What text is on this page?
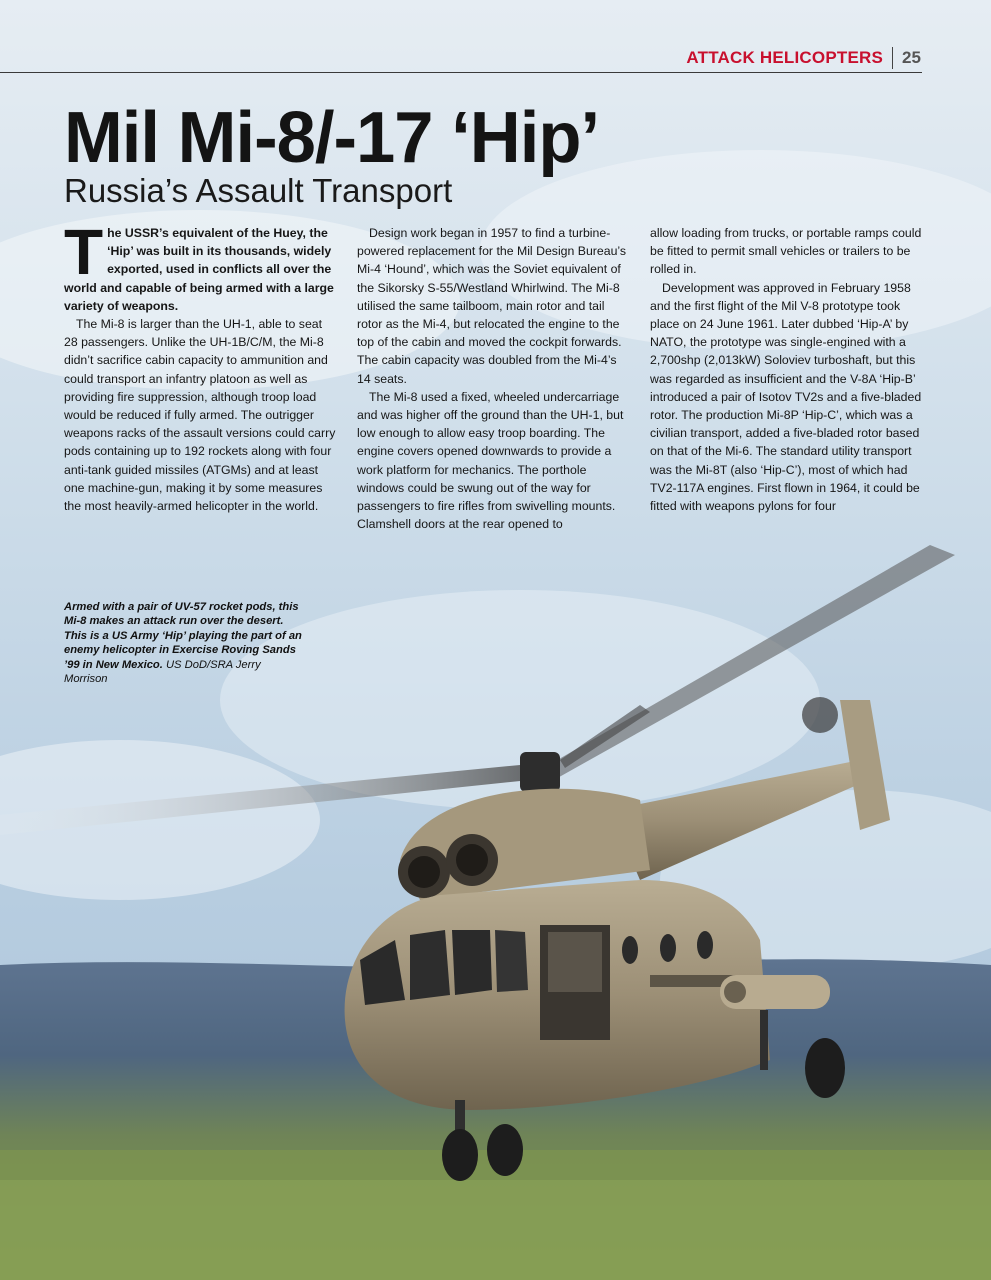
ATTACK HELICOPTERS 25
Mil Mi-8/-17 ‘Hip’
Russia’s Assault Transport

The USSR’s equivalent of the Huey, the ‘Hip’ was built in its thousands, widely exported, used in conflicts all over the world and capable of being armed with a large variety of weapons.

The Mi-8 is larger than the UH-1, able to seat 28 passengers. Unlike the UH-1B/C/M, the Mi-8 didn’t sacrifice cabin capacity to ammunition and could transport an infantry platoon as well as providing fire suppression, although troop load would be reduced if fully armed. The outrigger weapons racks of the assault versions could carry pods containing up to 192 rockets along with four anti-tank guided missiles (ATGMs) and at least one machine-gun, making it by some measures the most heavily-armed helicopter in the world.

Design work began in 1957 to find a turbine-powered replacement for the Mil Design Bureau’s Mi-4 ‘Hound’, which was the Soviet equivalent of the Sikorsky S-55/Westland Whirlwind. The Mi-8 utilised the same tailboom, main rotor and tail rotor as the Mi-4, but relocated the engine to the top of the cabin and moved the cockpit forwards. The cabin capacity was doubled from the Mi-4’s 14 seats.

The Mi-8 used a fixed, wheeled undercarriage and was higher off the ground than the UH-1, but low enough to allow easy troop boarding. The engine covers opened downwards to provide a work platform for mechanics. The porthole windows could be swung out of the way for passengers to fire rifles from swivelling mounts. Clamshell doors at the rear opened to

allow loading from trucks, or portable ramps could be fitted to permit small vehicles or trailers to be rolled in.

Development was approved in February 1958 and the first flight of the Mil V-8 prototype took place on 24 June 1961. Later dubbed ‘Hip-A’ by NATO, the prototype was single-engined with a 2,700shp (2,013kW) Soloviev turboshaft, but this was regarded as insufficient and the V-8A ‘Hip-B’ introduced a pair of Isotov TV2s and a five-bladed rotor. The production Mi-8P ‘Hip-C’, which was a civilian transport, added a five-bladed rotor based on that of the Mi-6. The standard utility transport was the Mi-8T (also ‘Hip-C’), most of which had TV2-117A engines. First flown in 1964, it could be fitted with weapons pylons for four

Armed with a pair of UV-57 rocket pods, this Mi-8 makes an attack run over the desert. This is a US Army ‘Hip’ playing the part of an enemy helicopter in Exercise Roving Sands ’99 in New Mexico. US DoD/SRA Jerry Morrison
